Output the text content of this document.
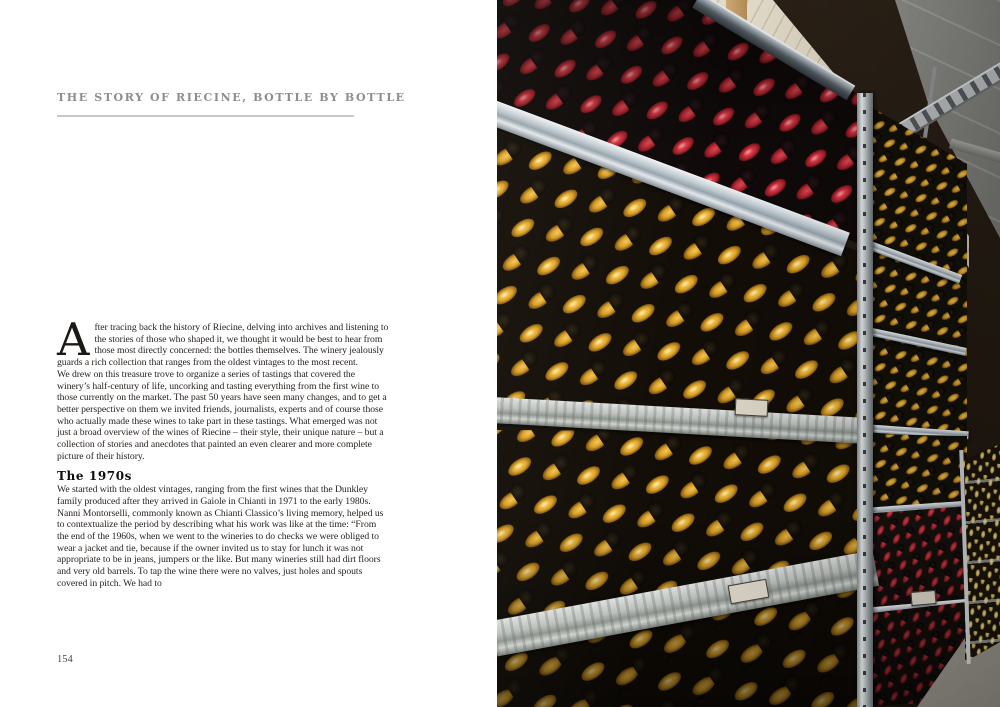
THE STORY OF RIECINE, BOTTLE BY BOTTLE

After tracing back the history of Riecine, delving into archives and listening to the stories of those who shaped it, we thought it would be best to hear from those most directly concerned: the bottles themselves. The winery jealously guards a rich collection that ranges from the oldest vintages to the most recent.

We drew on this treasure trove to organize a series of tastings that covered the winery’s half-century of life, uncorking and tasting everything from the first wine to those currently on the market. The past 50 years have seen many changes, and to get a better perspective on them we invited friends, journalists, experts and of course those who actually made these wines to take part in these tastings. What emerged was not just a broad overview of the wines of Riecine – their style, their unique nature – but a collection of stories and anecdotes that painted an even clearer and more complete picture of their history.

The 1970s

We started with the oldest vintages, ranging from the first wines that the Dunkley family produced after they arrived in Gaiole in Chianti in 1971 to the early 1980s. Nanni Montorselli, commonly known as Chianti Classico’s living memory, helped us to contextualize the period by describing what his work was like at the time: “From the end of the 1960s, when we went to the wineries to do checks we were obliged to wear a jacket and tie, because if the owner invited us to stay for lunch it was not appropriate to be in jeans, jumpers or the like. But many wineries still had dirt floors and very old barrels. To tap the wine there were no valves, just holes and spouts covered in pitch. We had to

154
